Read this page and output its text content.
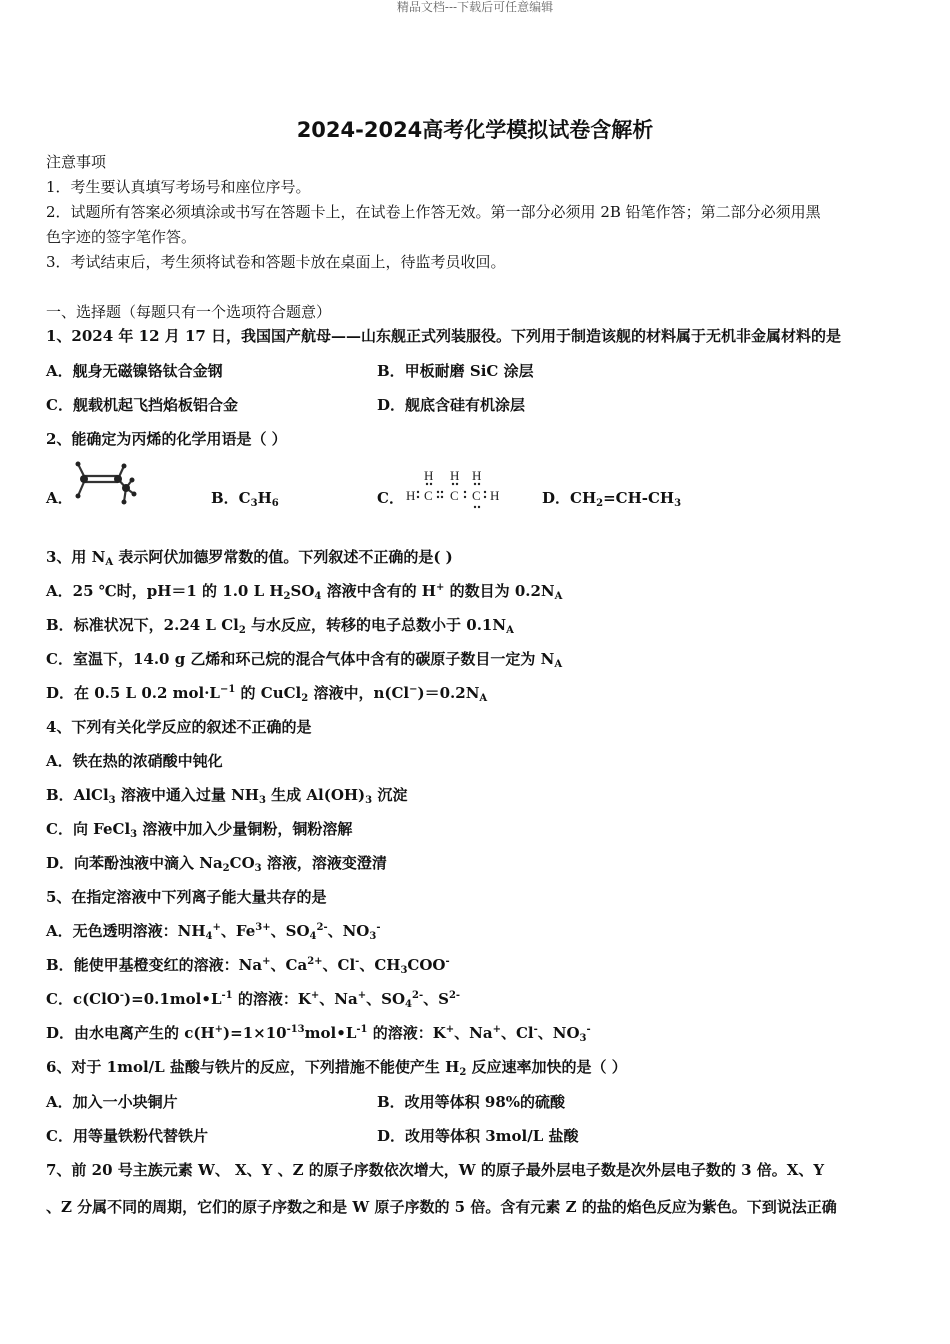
精品文档---下载后可任意编辑
2024-2024高考化学模拟试卷含解析
注意事项
1．考生要认真填写考场号和座位序号。
2．试题所有答案必须填涂或书写在答题卡上，在试卷上作答无效。第一部分必须用 2B 铅笔作答；第二部分必须用黑
色字迹的签字笔作答。
3．考试结束后，考生须将试卷和答题卡放在桌面上，待监考员收回。
一、选择题（每题只有一个选项符合题意）
1、2024 年 12 月 17 日，我国国产航母——山东舰正式列装服役。下列用于制造该舰的材料属于无机非金属材料的是
A．舰身无磁镍铬钛合金钢	B．甲板耐磨 SiC 涂层
C．舰载机起飞挡焰板铝合金	D．舰底含硅有机涂层
2、能确定为丙烯的化学用语是（ ）
A．	B．$C_3H_6$	C．
H H H
H C C C H	D．$CH_2=CH-CH_3$
3、用 $N_A$ 表示阿伏加德罗常数的值。下列叙述不正确的是( )
A．25 ℃时，pH＝1 的 1.0 L $H_2SO_4$ 溶液中含有的 H+ 的数目为 $0.2N_A$
B．标准状况下，2.24 L $Cl_2$ 与水反应，转移的电子总数小于 $0.1N_A$
C．室温下，14.0 g 乙烯和环己烷的混合气体中含有的碳原子数目一定为 $N_A$
D．在 0.5 L 0.2 $mol\cdot L^{-1}$ 的 CuCl$_2$ 溶液中，$n(Cl^-)=0.2N_A$
4、下列有关化学反应的叙述不正确的是
A．铁在热的浓硝酸中钝化
B．AlCl$_3$ 溶液中通入过量 $NH_3$ 生成 $Al(OH)_3$ 沉淀
C．向 FeCl$_3$ 溶液中加入少量铜粉，铜粉溶解
D．向苯酚浊液中滴入 $Na_2CO_3$ 溶液，溶液变澄清
5、在指定溶液中下列离子能大量共存的是
A．无色透明溶液：$NH_4^+$、$Fe^{3+}$、$SO_4^{2-}$、$NO_3^-$
B．能使甲基橙变红的溶液：Na+、$Ca^{2+}$、Cl-、$CH_3COO^-$
C．$c(ClO^-)=0.1mol•L^{-1}$ 的溶液：K+、Na+、$SO_4^{2-}$、$S^{2-}$
D．由水电离产生的 $c(H^+)=1\times 10^{-13}mol•L^{-1}$ 的溶液：K+、Na+、Cl-、$NO_3^-$
6、对于 1mol/L 盐酸与铁片的反应，下列措施不能使产生 $H_2$ 反应速率加快的是（ ）
A．加入一小块铜片	B．改用等体积 98%的硫酸
C．用等量铁粉代替铁片	D．改用等体积 3mol/L 盐酸
7、前 20 号主族元素 W、 X、Y 、Z 的原子序数依次增大，W 的原子最外层电子数是次外层电子数的 3 倍。X、Y
、Z 分属不同的周期，它们的原子序数之和是 W 原子序数的 5 倍。含有元素 Z 的盐的焰色反应为紫色。下到说法正确
